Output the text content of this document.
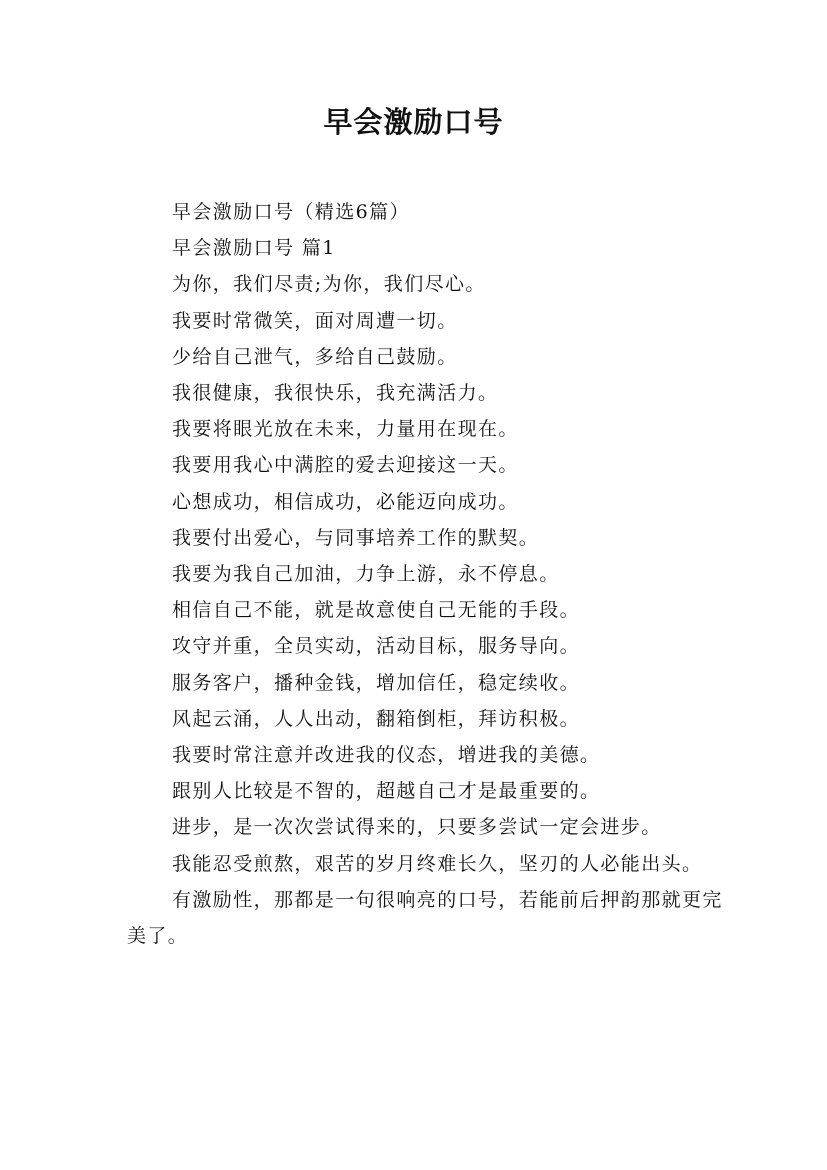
早会激励口号

早会激励口号（精选6篇）

早会激励口号 篇1

为你，我们尽责;为你，我们尽心。

我要时常微笑，面对周遭一切。

少给自己泄气，多给自己鼓励。

我很健康，我很快乐，我充满活力。

我要将眼光放在未来，力量用在现在。

我要用我心中满腔的爱去迎接这一天。

心想成功，相信成功，必能迈向成功。

我要付出爱心，与同事培养工作的默契。

我要为我自己加油，力争上游，永不停息。

相信自己不能，就是故意使自己无能的手段。

攻守并重，全员实动，活动目标，服务导向。

服务客户，播种金钱，增加信任，稳定续收。

风起云涌，人人出动，翻箱倒柜，拜访积极。

我要时常注意并改进我的仪态，增进我的美德。

跟别人比较是不智的，超越自己才是最重要的。

进步，是一次次尝试得来的，只要多尝试一定会进步。

我能忍受煎熬，艰苦的岁月终难长久，坚刃的人必能出头。

有激励性，那都是一句很响亮的口号，若能前后押韵那就更完美了。
